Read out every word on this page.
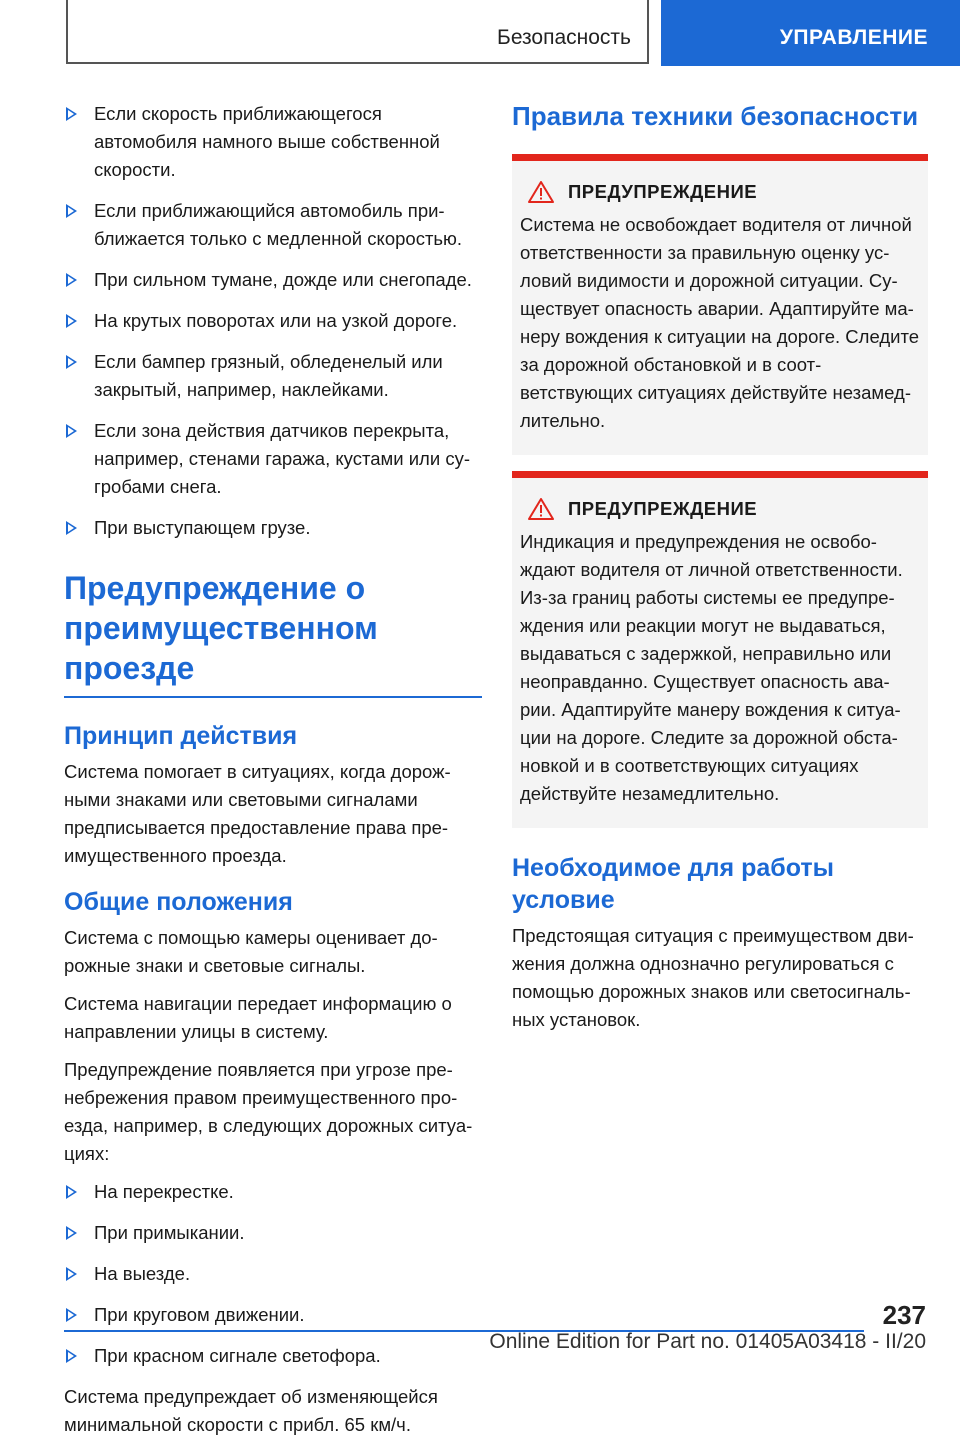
Безопасность	УПРАВЛЕНИЕ
Если скорость приближающегося автомобиля намного выше собственной скорости.
Если приближающийся автомобиль при-ближается только с медленной скоростью.
При сильном тумане, дожде или снегопаде.
На крутых поворотах или на узкой дороге.
Если бампер грязный, обледенелый или закрытый, например, наклейками.
Если зона действия датчиков перекрыта, например, стенами гаража, кустами или су-гробами снега.
При выступающем грузе.
Предупреждение о преимущественном проезде
Принцип действия

Система помогает в ситуациях, когда дорож-ными знаками или световыми сигналами предписывается предоставление права пре-имущественного проезда.

Общие положения

Система с помощью камеры оценивает до-рожные знаки и световые сигналы.

Система навигации передает информацию о направлении улицы в систему.

Предупреждение появляется при угрозе пре-небрежения правом преимущественного про-езда, например, в следующих дорожных ситуа-циях:

На перекрестке.
При примыкании.
На выезде.
При круговом движении.
При красном сигнале светофора.

Система предупреждает об изменяющейся минимальной скорости с прибл. 65 км/ч.

Правила техники безопасности
ПРЕДУПРЕЖДЕНИЕ
Система не освобождает водителя от личной ответственности за правильную оценку ус-ловий видимости и дорожной ситуации. Су-ществует опасность аварии. Адаптируйте ма-неру вождения к ситуации на дороге. Следите за дорожной обстановкой и в соот-ветствующих ситуациях действуйте незамед-лительно.
ПРЕДУПРЕЖДЕНИЕ
Индикация и предупреждения не освобо-ждают водителя от личной ответственности. Из-за границ работы системы ее предупре-ждения или реакции могут не выдаваться, выдаваться с задержкой, неправильно или неоправданно. Существует опасность ава-рии. Адаптируйте манеру вождения к ситуа-ции на дороге. Следите за дорожной обста-новкой и в соответствующих ситуациях действуйте незамедлительно.
Необходимое для работы условие

Предстоящая ситуация с преимуществом дви-жения должна однозначно регулироваться с помощью дорожных знаков или светосигналь-ных установок.

237
Online Edition for Part no. 01405A03418 - II/20
